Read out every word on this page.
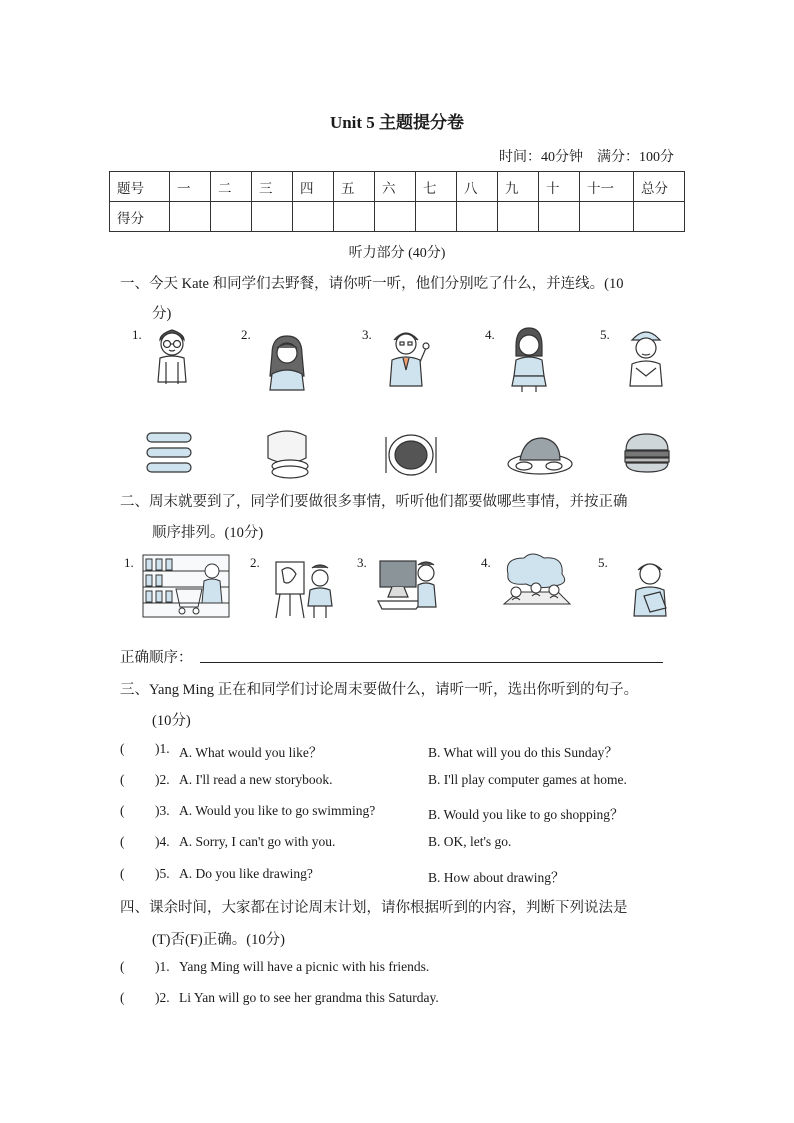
Unit 5 主题提分卷
时间：40分钟　满分：100分
题号	一	二	三	四	五	六	七	八	九	十	十一	总分
得分												
听力部分 (40分)
一、今天 Kate 和同学们去野餐，请你听一听，他们分别吃了什么，并连线。(10
分)
1.	2.	3.	4.	5.
二、周末就要到了，同学们要做很多事情，听听他们都要做哪些事情，并按正确
顺序排列。(10分)
1.	2.	3.	4.	5.
正确顺序：
三、Yang Ming 正在和同学们讨论周末要做什么，请听一听，选出你听到的句子。
(10分)
( )1. A. What would you like？	B. What will you do this Sunday？
( )2. A. I'll read a new storybook.	B. I'll play computer games at home.
( )3. A. Would you like to go swimming?	B. Would you like to go shopping？
( )4. A. Sorry, I can't go with you.	B. OK, let's go.
( )5. A. Do you like drawing?	B. How about drawing？
四、课余时间，大家都在讨论周末计划，请你根据听到的内容，判断下列说法是
(T)否(F)正确。(10分)
( )1. Yang Ming will have a picnic with his friends.
( )2. Li Yan will go to see her grandma this Saturday.
